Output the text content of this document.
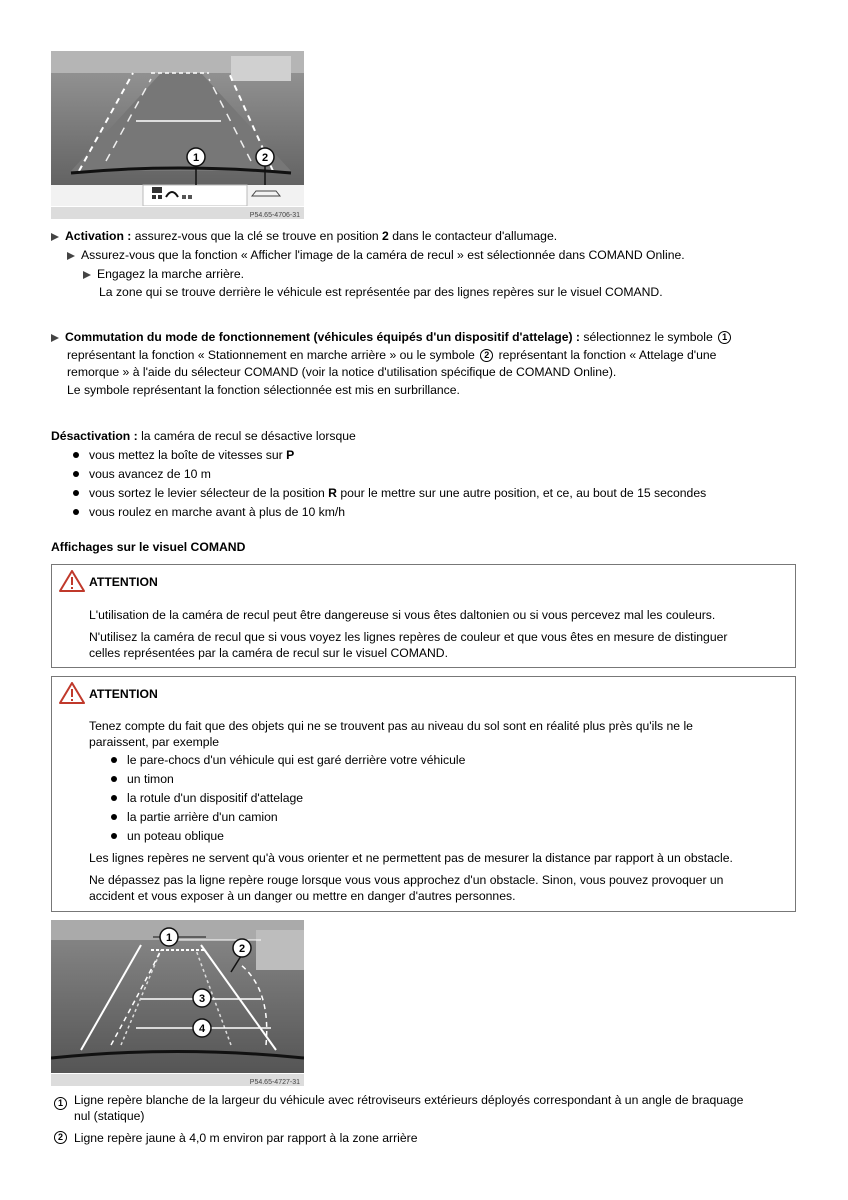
1	2
P54.65-4706-31
Activation : assurez-vous que la clé se trouve en position 2 dans le contacteur d'allumage.
Assurez-vous que la fonction « Afficher l'image de la caméra de recul » est sélectionnée dans COMAND Online.
Engagez la marche arrière.
La zone qui se trouve derrière le véhicule est représentée par des lignes repères sur le visuel COMAND.
Commutation du mode de fonctionnement (véhicules équipés d'un dispositif d'attelage) : sélectionnez le symbole 1
représentant la fonction « Stationnement en marche arrière » ou le symbole 2 représentant la fonction « Attelage d'une
remorque » à l'aide du sélecteur COMAND (voir la notice d'utilisation spécifique de COMAND Online).
Le symbole représentant la fonction sélectionnée est mis en surbrillance.
Désactivation : la caméra de recul se désactive lorsque
vous mettez la boîte de vitesses sur P
vous avancez de 10 m
vous sortez le levier sélecteur de la position R pour le mettre sur une autre position, et ce, au bout de 15 secondes
vous roulez en marche avant à plus de 10 km/h
Affichages sur le visuel COMAND
ATTENTION
L'utilisation de la caméra de recul peut être dangereuse si vous êtes daltonien ou si vous percevez mal les couleurs.
N'utilisez la caméra de recul que si vous voyez les lignes repères de couleur et que vous êtes en mesure de distinguer
celles représentées par la caméra de recul sur le visuel COMAND.
ATTENTION
Tenez compte du fait que des objets qui ne se trouvent pas au niveau du sol sont en réalité plus près qu'ils ne le
paraissent, par exemple
le pare-chocs d'un véhicule qui est garé derrière votre véhicule
un timon
la rotule d'un dispositif d'attelage
la partie arrière d'un camion
un poteau oblique
Les lignes repères ne servent qu'à vous orienter et ne permettent pas de mesurer la distance par rapport à un obstacle.
Ne dépassez pas la ligne repère rouge lorsque vous vous approchez d'un obstacle. Sinon, vous pouvez provoquer un
accident et vous exposer à un danger ou mettre en danger d'autres personnes.
1
2
3
4
P54.65-4727-31
1 Ligne repère blanche de la largeur du véhicule avec rétroviseurs extérieurs déployés correspondant à un angle de braquage
nul (statique)
2 Ligne repère jaune à 4,0 m environ par rapport à la zone arrière
